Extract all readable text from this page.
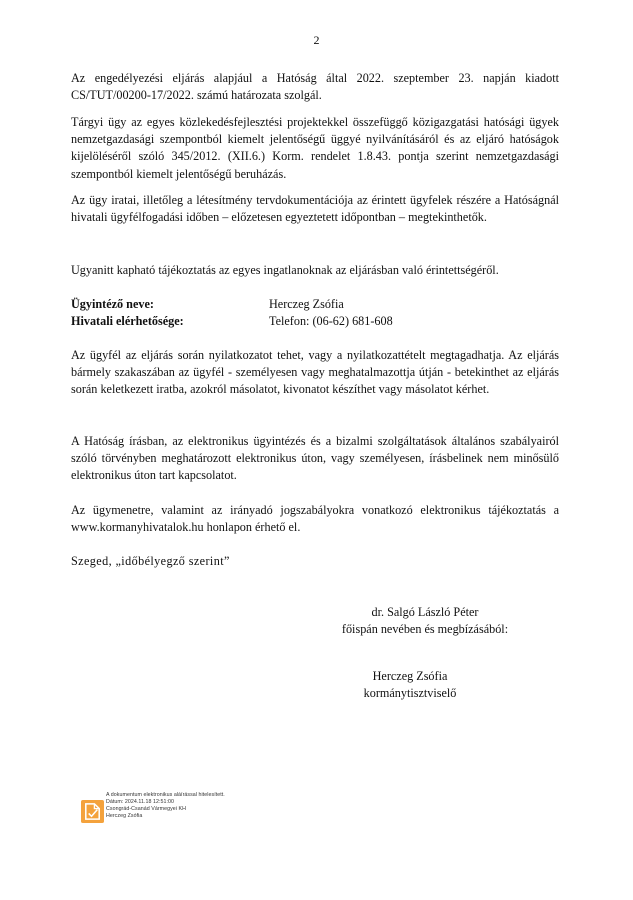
2

Az engedélyezési eljárás alapjául a Hatóság által 2022. szeptember 23. napján kiadott CS/TUT/00200-17/2022. számú határozata szolgál.

Tárgyi ügy az egyes közlekedésfejlesztési projektekkel összefüggő közigazgatási hatósági ügyek nemzetgazdasági szempontból kiemelt jelentőségű üggyé nyilvánításáról és az eljáró hatóságok kijelöléséről szóló 345/2012. (XII.6.) Korm. rendelet 1.8.43. pontja szerint nemzetgazdasági szempontból kiemelt jelentőségű beruházás.

Az ügy iratai, illetőleg a létesítmény tervdokumentációja az érintett ügyfelek részére a Hatóságnál hivatali ügyfélfogadási időben – előzetesen egyeztetett időpontban – megtekinthetők.

Ugyanitt kapható tájékoztatás az egyes ingatlanoknak az eljárásban való érintettségéről.

Ügyintéző neve:	Herczeg Zsófia
Hivatali elérhetősége:	Telefon: (06-62) 681-608

Az ügyfél az eljárás során nyilatkozatot tehet, vagy a nyilatkozattételt megtagadhatja. Az eljárás bármely szakaszában az ügyfél - személyesen vagy meghatalmazottja útján - betekinthet az eljárás során keletkezett iratba, azokról másolatot, kivonatot készíthet vagy másolatot kérhet.

A Hatóság írásban, az elektronikus ügyintézés és a bizalmi szolgáltatások általános szabályairól szóló törvényben meghatározott elektronikus úton, vagy személyesen, írásbelinek nem minősülő elektronikus úton tart kapcsolatot.

Az ügymenetre, valamint az irányadó jogszabályokra vonatkozó elektronikus tájékoztatás a www.kormanyhivatalok.hu honlapon érhető el.

Szeged, „időbélyegző szerint”
dr. Salgó László Péter
főispán nevében és megbízásából:
Herczeg Zsófia
kormánytisztviselő
A dokumentum elektronikus aláírással hitelesített.
Dátum: 2024.11.18 12:51:00
Csongrád-Csanád Vármegyei KH
Herczeg Zsófia
